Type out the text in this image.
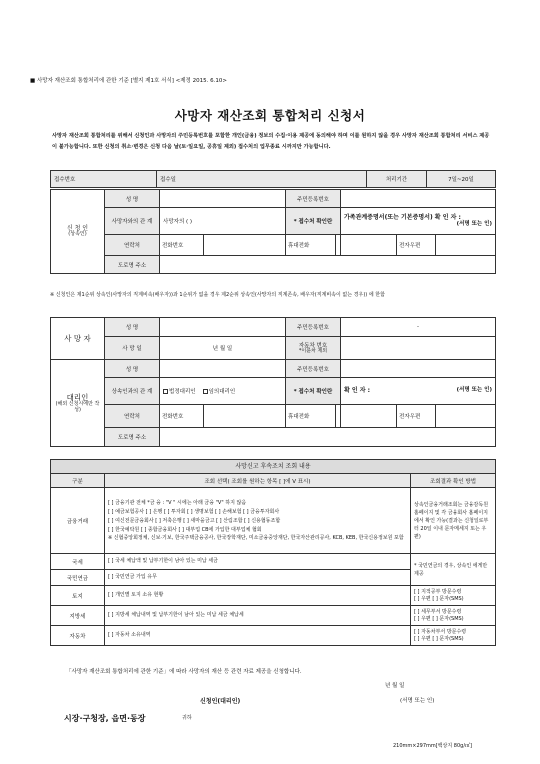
■ 사망자 재산조회 통합처리에 관한 기준 [별지 제1호 서식] <제정 2015. 6.10>
사망자 재산조회 통합처리 신청서
사망자 재산조회 통합처리를 위해서 신청인과 사망자의 주민등록번호를 포함한 개인(금융) 정보의 수집·이용 제공에 동의해야 하며 이를 원하지 않을 경우 사망자 재산조회 통합처리 서비스 제공이 불가능합니다. 또한 신청의 취소·변경은 신청 다음 날(토·일요일, 공휴일 제외) 접수처의 업무종료 시까지만 가능합니다.
접수번호	접수일	처리기간	7일~20일
신 청 인
(상속인)	성 명		주민등록번호	
	사망자와의 관 계	사망자의 ( )	* 접수처 확인란	가족관계증명서(또는 기본증명서) 확 인 자 :
(서명 또는 인)

	연락처	전화번호	휴대전화	전자우편

	도로명 주소			
※ 신청인은 제1순위 상속인(사망자의 직계비속(배우자))과 1순위가 없을 경우 제2순위 상속인(사망자의 직계존속, 배우자(직계비속이 없는 경우)) 에 한함
사 망 자	성 명		주민등록번호	-
	사 망 일	년 월 일	자동차 번호
*이륜차 제외	

대리인
(해외 신청시에만 작성)	성 명		주민등록번호	
	상속인과의 관 계	법정대리인 임의대리인	* 접수처 확인란	확 인 자 : (서명 또는 인)

	연락처	전화번호	휴대전화	전자우편

	도로명 주소			
사망신고 후속조치 조회 내용		
구분	조회 선택( 조회를 원하는 항목 [ ]에 V 표시)	조회결과 확인 방법
금융거래	[ ] 금융기관 전체 *금 융 : "V " 시에는 아래 금융 "V" 하지 않음
[ ] 예금보험공사 [ ] 은행 [ ] 투자회 [ ] 생명보험 [ ] 손해보험 [ ] 금융투자회사
[ ] 여신전문금융회사 [ ] 저축은행 [ ] 새마을금고 [ ] 산림조합 [ ] 신용협동조합
[ ] 한국예탁원 [ ] 종합금융회사 [ ] 대부업 CB에 가입한 대부업체 협회
※ 신협중앙회정체, 신보·기보, 한국주택금융공사, 한국장학재단, 미소금융중앙재단, 한국자산관리공사, KCB, KEB, 한국신용정보원 포함	상속인금융거래조회는 금융감독원 홈페이지 및 각 금융회사 홈페이지에서 확인 가능(결과는 신청일로부터 20일 이내 문자메세지 또는 우편)
국세	[ ] 국세 체납액 및 납부기한이 남아 있는 미납 세금	* 국민연금의 경우, 상속인 에게만 제공
국민연금	[ ] 국민연금 가입 유무	
토지	[ ] 개인별 토지 소유 현황	[ ] 지적공부 방문수령
[ ] 우편 [ ] 문자(SMS)

지방세	[ ] 지방세 체납내역 및 납부기한이 남아 있는 미납 세금 체납세	[ ] 세무부서 방문수령
[ ] 우편 [ ] 문자(SMS)

자동차	[ ] 자동차 소유내역	[ ] 자동차부서 방문수령
[ ] 우편 [ ] 문자(SMS)
「사망자 재산조회 통합처리에 관한 기준」에 따라 사망자의 재산 등 관련 자료 제공을 신청합니다.
년 월 일
신청인(대리인)	(서명 또는 인)
시장·구청장, 읍면·동장	귀하
210mm×297mm[백상지 80g/㎡]
